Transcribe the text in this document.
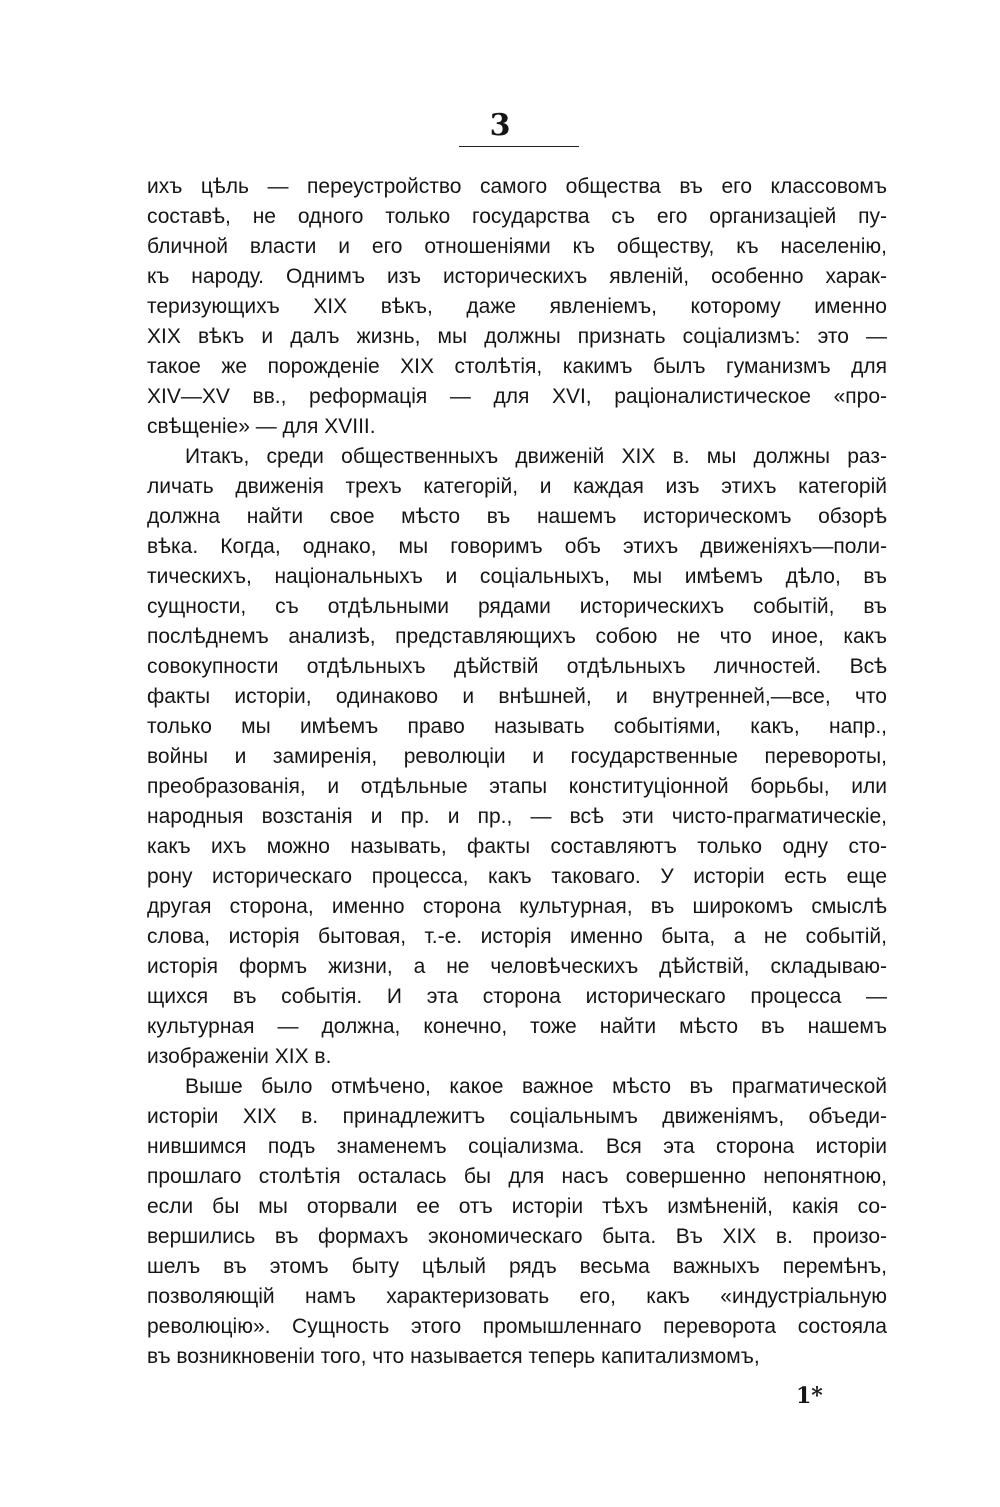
3
ихъ цѣль — переустройство самого общества въ его классовомъ
составѣ, не одного только государства съ его организаціей пу-
бличной власти и его отношеніями къ обществу, къ населенію,
къ народу. Однимъ изъ историческихъ явленій, особенно харак-
теризующихъ XIX вѣкъ, даже явленіемъ, которому именно
XIX вѣкъ и далъ жизнь, мы должны признать соціализмъ: это —
такое же порожденіе XIX столѣтія, какимъ былъ гуманизмъ для
XIV—XV вв., реформація — для XVI, раціоналистическое «про-
свѣщеніе» — для XVIII.
Итакъ, среди общественныхъ движеній XIX в. мы должны раз-
личать движенія трехъ категорій, и каждая изъ этихъ категорій
должна найти свое мѣсто въ нашемъ историческомъ обзорѣ
вѣка. Когда, однако, мы говоримъ объ этихъ движеніяхъ—поли-
тическихъ, національныхъ и соціальныхъ, мы имѣемъ дѣло, въ
сущности, съ отдѣльными рядами историческихъ событій, въ
послѣднемъ анализѣ, представляющихъ собою не что иное, какъ
совокупности отдѣльныхъ дѣйствій отдѣльныхъ личностей. Всѣ
факты исторіи, одинаково и внѣшней, и внутренней,—все, что
только мы имѣемъ право называть событіями, какъ, напр.,
войны и замиренія, революціи и государственные перевороты,
преобразованія, и отдѣльные этапы конституціонной борьбы, или
народныя возстанія и пр. и пр., — всѣ эти чисто-прагматическіе,
какъ ихъ можно называть, факты составляютъ только одну сто-
рону историческаго процесса, какъ таковаго. У исторіи есть еще
другая сторона, именно сторона культурная, въ широкомъ смыслѣ
слова, исторія бытовая, т.-е. исторія именно быта, а не событій,
исторія формъ жизни, а не человѣческихъ дѣйствій, складываю-
щихся въ событія. И эта сторона историческаго процесса —
культурная — должна, конечно, тоже найти мѣсто въ нашемъ
изображеніи XIX в.
Выше было отмѣчено, какое важное мѣсто въ прагматической
исторіи XIX в. принадлежитъ соціальнымъ движеніямъ, объеди-
нившимся подъ знаменемъ соціализма. Вся эта сторона исторіи
прошлаго столѣтія осталась бы для насъ совершенно непонятною,
если бы мы оторвали ее отъ исторіи тѣхъ измѣненій, какія со-
вершились въ формахъ экономическаго быта. Въ XIX в. произо-
шелъ въ этомъ быту цѣлый рядъ весьма важныхъ перемѣнъ,
позволяющій намъ характеризовать его, какъ «индустріальную
революцію». Сущность этого промышленнаго переворота состояла
въ возникновеніи того, что называется теперь капитализмомъ,
1*
